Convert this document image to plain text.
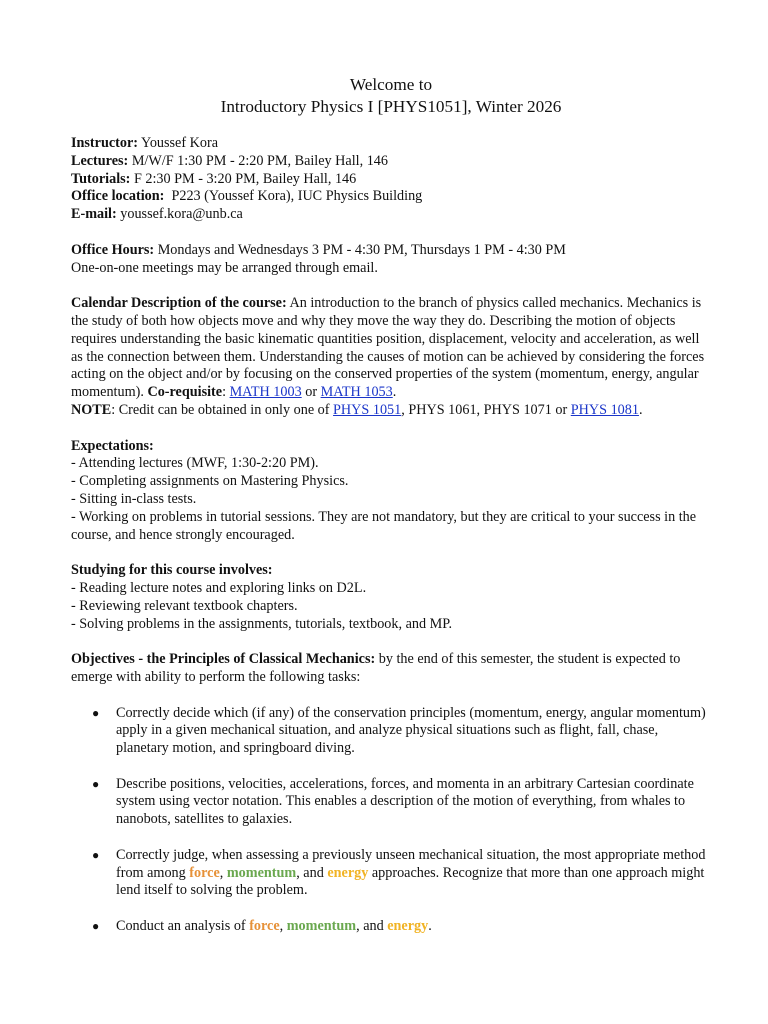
Welcome to
Introductory Physics I [PHYS1051], Winter 2026
Instructor: Youssef Kora
Lectures: M/W/F 1:30 PM - 2:20 PM, Bailey Hall, 146
Tutorials: F 2:30 PM - 3:20 PM, Bailey Hall, 146
Office location:  P223 (Youssef Kora), IUC Physics Building
E-mail: youssef.kora@unb.ca
Office Hours: Mondays and Wednesdays 3 PM - 4:30 PM, Thursdays 1 PM - 4:30 PM
One-on-one meetings may be arranged through email.
Calendar Description of the course: An introduction to the branch of physics called mechanics. Mechanics is the study of both how objects move and why they move the way they do. Describing the motion of objects requires understanding the basic kinematic quantities position, displacement, velocity and acceleration, as well as the connection between them. Understanding the causes of motion can be achieved by considering the forces acting on the object and/or by focusing on the conserved properties of the system (momentum, energy, angular momentum). Co-requisite: MATH 1003 or MATH 1053.
NOTE: Credit can be obtained in only one of PHYS 1051, PHYS 1061, PHYS 1071 or PHYS 1081.
Expectations:
- Attending lectures (MWF, 1:30-2:20 PM).
- Completing assignments on Mastering Physics.
- Sitting in-class tests.
- Working on problems in tutorial sessions. They are not mandatory, but they are critical to your success in the course, and hence strongly encouraged.
Studying for this course involves:
- Reading lecture notes and exploring links on D2L.
- Reviewing relevant textbook chapters.
- Solving problems in the assignments, tutorials, textbook, and MP.
Objectives - the Principles of Classical Mechanics: by the end of this semester, the student is expected to emerge with ability to perform the following tasks:
● Correctly decide which (if any) of the conservation principles (momentum, energy, angular momentum) apply in a given mechanical situation, and analyze physical situations such as flight, fall, chase, planetary motion, and springboard diving.
● Describe positions, velocities, accelerations, forces, and momenta in an arbitrary Cartesian coordinate system using vector notation. This enables a description of the motion of everything, from whales to nanobots, satellites to galaxies.
● Correctly judge, when assessing a previously unseen mechanical situation, the most appropriate method from among force, momentum, and energy approaches. Recognize that more than one approach might lend itself to solving the problem.
● Conduct an analysis of force, momentum, and energy.
